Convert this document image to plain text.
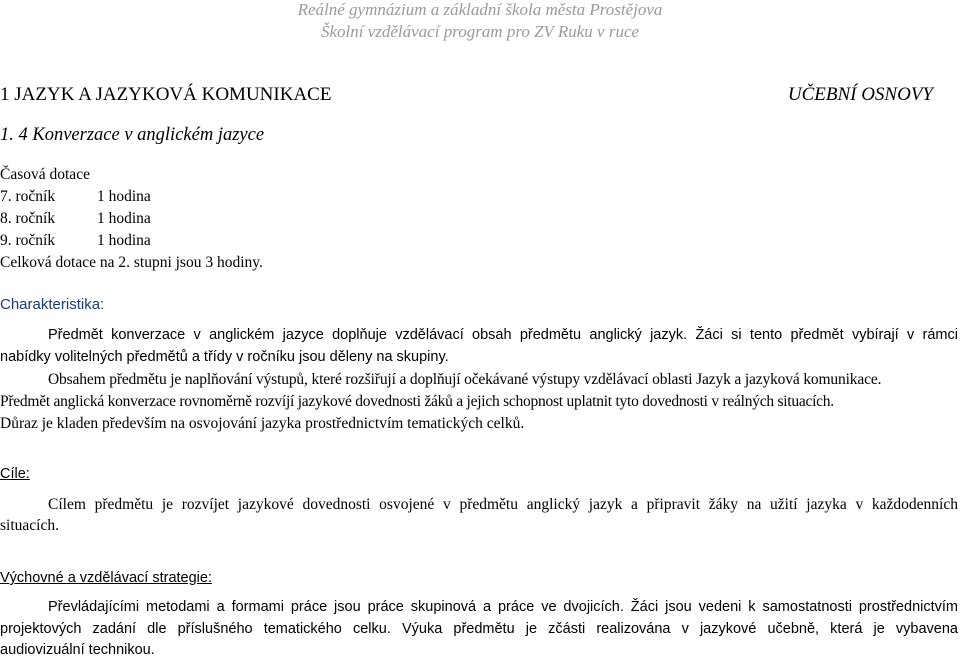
Reálné gymnázium a základní škola města Prostějova
Školní vzdělávací program pro ZV Ruku v ruce
1 JAZYK A JAZYKOVÁ KOMUNIKACE	UČEBNÍ OSNOVY
1. 4 Konverzace v anglickém jazyce
Časová dotace
7. ročník	1 hodina
8. ročník	1 hodina
9. ročník	1 hodina
Celková dotace na 2. stupni jsou 3 hodiny.
Charakteristika:
Předmět konverzace v anglickém jazyce doplňuje vzdělávací obsah předmětu anglický jazyk. Žáci si tento předmět vybírají v rámci
nabídky volitelných předmětů a třídy v ročníku jsou děleny na skupiny.
Obsahem předmětu je naplňování výstupů, které rozšiřují a doplňují očekávané výstupy vzdělávací oblasti Jazyk a jazyková komunikace.
Předmět anglická konverzace rovnoměrně rozvíjí jazykové dovednosti žáků a jejich schopnost uplatnit tyto dovednosti v reálných situacích.
Důraz je kladen především na osvojování jazyka prostřednictvím tematických celků.
Cíle:
Cílem předmětu je rozvíjet jazykové dovednosti osvojené v předmětu anglický jazyk a připravit žáky na užití jazyka v každodenních
situacích.
Výchovné a vzdělávací strategie:
Převládajícími metodami a formami práce jsou práce skupinová a práce ve dvojicích. Žáci jsou vedeni k samostatnosti prostřednictvím
projektových zadání dle příslušného tematického celku. Výuka předmětu je zčásti realizována v jazykové učebně, která je vybavena
audiovizuální technikou.
